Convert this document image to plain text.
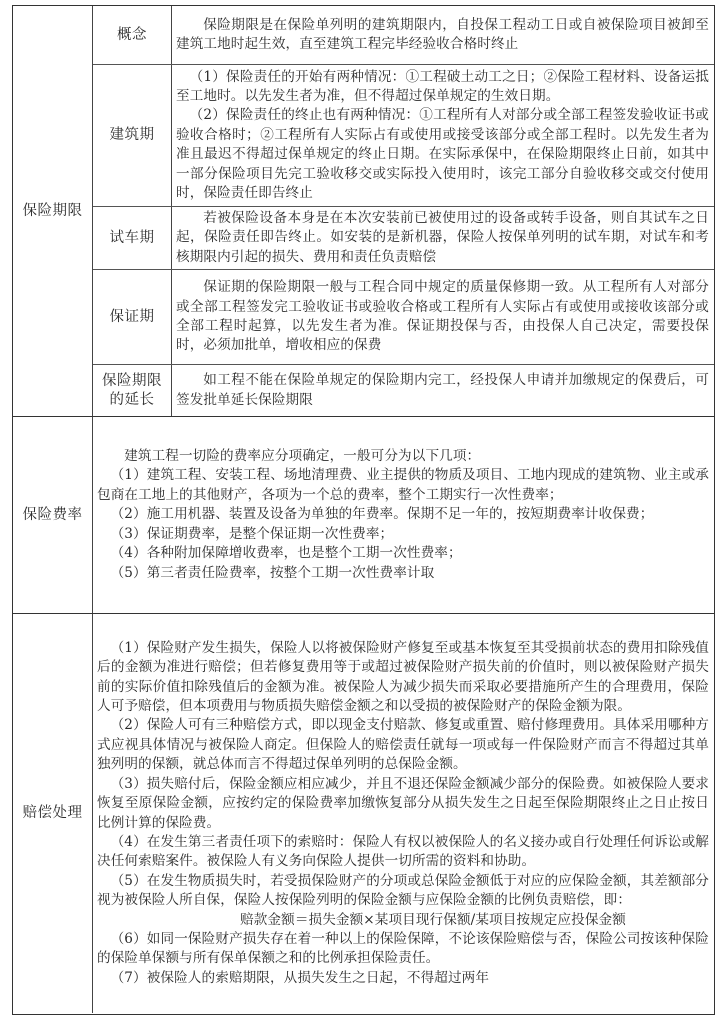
保险期限
概念

保险期限是在保险单列明的建筑期限内，自投保工程动工日或自被保险项目被卸至建筑工地时起生效，直至建筑工程完毕经验收合格时终止

建筑期

（1）保险责任的开始有两种情况：①工程破土动工之日；②保险工程材料、设备运抵至工地时。以先发生者为准，但不得超过保单规定的生效日期。

（2）保险责任的终止也有两种情况：①工程所有人对部分或全部工程签发验收证书或验收合格时；②工程所有人实际占有或使用或接受该部分或全部工程时。以先发生者为准且最迟不得超过保单规定的终止日期。在实际承保中，在保险期限终止日前，如其中一部分保险项目先完工验收移交或实际投入使用时，该完工部分自验收移交或交付使用时，保险责任即告终止

试车期

若被保险设备本身是在本次安装前已被使用过的设备或转手设备，则自其试车之日起，保险责任即告终止。如安装的是新机器，保险人按保单列明的试车期，对试车和考核期限内引起的损失、费用和责任负责赔偿

保证期

保证期的保险期限一般与工程合同中规定的质量保修期一致。从工程所有人对部分或全部工程签发完工验收证书或验收合格或工程所有人实际占有或使用或接收该部分或全部工程时起算，以先发生者为准。保证期投保与否，由投保人自己决定，需要投保时，必须加批单，增收相应的保费

保险期限
的延长

如工程不能在保险单规定的保险期内完工，经投保人申请并加缴规定的保费后，可签发批单延长保险期限

保险费率

建筑工程一切险的费率应分项确定，一般可分为以下几项：

（1）建筑工程、安装工程、场地清理费、业主提供的物质及项目、工地内现成的建筑物、业主或承包商在工地上的其他财产，各项为一个总的费率，整个工期实行一次性费率；

（2）施工用机器、装置及设备为单独的年费率。保期不足一年的，按短期费率计收保费；

（3）保证期费率，是整个保证期一次性费率；

（4）各种附加保障增收费率，也是整个工期一次性费率；

（5）第三者责任险费率，按整个工期一次性费率计取

赔偿处理

（1）保险财产发生损失，保险人以将被保险财产修复至或基本恢复至其受损前状态的费用扣除残值后的金额为准进行赔偿；但若修复费用等于或超过被保险财产损失前的价值时，则以被保险财产损失前的实际价值扣除残值后的金额为准。被保险人为减少损失而采取必要措施所产生的合理费用，保险人可予赔偿，但本项费用与物质损失赔偿金额之和以受损的被保险财产的保险金额为限。

（2）保险人可有三种赔偿方式，即以现金支付赔款、修复或重置、赔付修理费用。具体采用哪种方式应视具体情况与被保险人商定。但保险人的赔偿责任就每一项或每一件保险财产而言不得超过其单独列明的保额，就总体而言不得超过保单列明的总保险金额。

（3）损失赔付后，保险金额应相应减少，并且不退还保险金额减少部分的保险费。如被保险人要求恢复至原保险金额，应按约定的保险费率加缴恢复部分从损失发生之日起至保险期限终止之日止按日比例计算的保险费。

（4）在发生第三者责任项下的索赔时：保险人有权以被保险人的名义接办或自行处理任何诉讼或解决任何索赔案件。被保险人有义务向保险人提供一切所需的资料和协助。

（5）在发生物质损失时，若受损保险财产的分项或总保险金额低于对应的应保险金额，其差额部分视为被保险人所自保，保险人按保险列明的保险金额与应保险金额的比例负责赔偿，即：

赔款金额＝损失金额×某项目现行保额/某项目按规定应投保金额

（6）如同一保险财产损失存在着一种以上的保险保障，不论该保险赔偿与否，保险公司按该种保险的保险单保额与所有保单保额之和的比例承担保险责任。

（7）被保险人的索赔期限，从损失发生之日起，不得超过两年
